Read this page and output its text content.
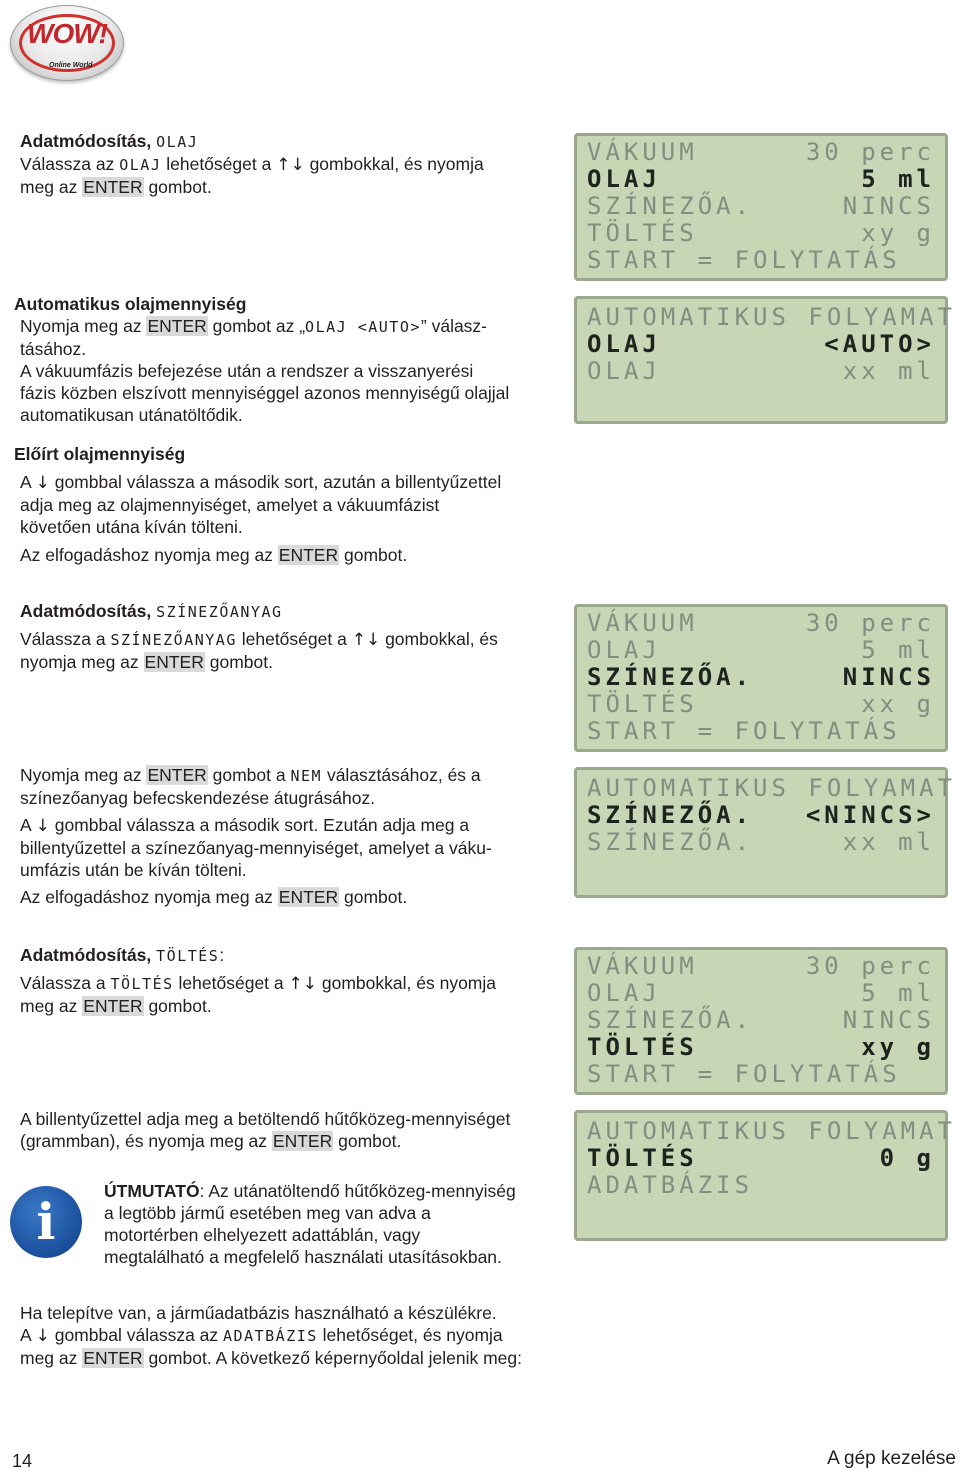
WOW!
Online World

Adatmódosítás, OLAJ

Válassza az OLAJ lehetőséget a ↑↓ gombokkal, és nyomja

meg az ENTER gombot.

Automatikus olajmennyiség

Nyomja meg az ENTER gombot az „OLAJ <AUTO>” válasz-

tásához.

A vákuumfázis befejezése után a rendszer a visszanyerési

fázis közben elszívott mennyiséggel azonos mennyiségű olajjal

automatikusan utánatöltődik.

Előírt olajmennyiség

A ↓ gombbal válassza a második sort, azután a billentyűzettel

adja meg az olajmennyiséget, amelyet a vákuumfázist

követően utána kíván tölteni.

Az elfogadáshoz nyomja meg az ENTER gombot.

Adatmódosítás, SZÍNEZŐANYAG

Válassza a SZÍNEZŐANYAG lehetőséget a ↑↓ gombokkal, és

nyomja meg az ENTER gombot.

Nyomja meg az ENTER gombot a NEM választásához, és a

színezőanyag befecskendezése átugrásához.

A ↓ gombbal válassza a második sort. Ezután adja meg a

billentyűzettel a színezőanyag-mennyiséget, amelyet a váku-

umfázis után be kíván tölteni.

Az elfogadáshoz nyomja meg az ENTER gombot.

Adatmódosítás, TÖLTÉS:

Válassza a TÖLTÉS lehetőséget a ↑↓ gombokkal, és nyomja

meg az ENTER gombot.

A billentyűzettel adja meg a betöltendő hűtőközeg-mennyiséget

(grammban), és nyomja meg az ENTER gombot.

i

ÚTMUTATÓ: Az utánatöltendő hűtőközeg-mennyiség

a legtöbb jármű esetében meg van adva a

motortérben elhelyezett adattáblán, vagy

megtalálható a megfelelő használati utasításokban.

Ha telepítve van, a járműadatbázis használható a készülékre.

A ↓ gombbal válassza az ADATBÁZIS lehetőséget, és nyomja

meg az ENTER gombot. A következő képernyőoldal jelenik meg:

VÁKUUM	30 perc
OLAJ	5 ml
SZÍNEZŐA.	NINCS
TÖLTÉS	xy g
START = FOLYTATÁS
AUTOMATIKUS FOLYAMAT
OLAJ	<AUTO>
OLAJ	xx ml
VÁKUUM	30 perc
OLAJ	5 ml
SZÍNEZŐA.	NINCS
TÖLTÉS	xx g
START = FOLYTATÁS
AUTOMATIKUS FOLYAMAT
SZÍNEZŐA. <NINCS>
SZÍNEZŐA.	xx ml
VÁKUUM	30 perc
OLAJ	5 ml
SZÍNEZŐA.	NINCS
TÖLTÉS	xy g
START = FOLYTATÁS
AUTOMATIKUS FOLYAMAT
TÖLTÉS	0 g
ADATBÁZIS
14	A gép kezelése
